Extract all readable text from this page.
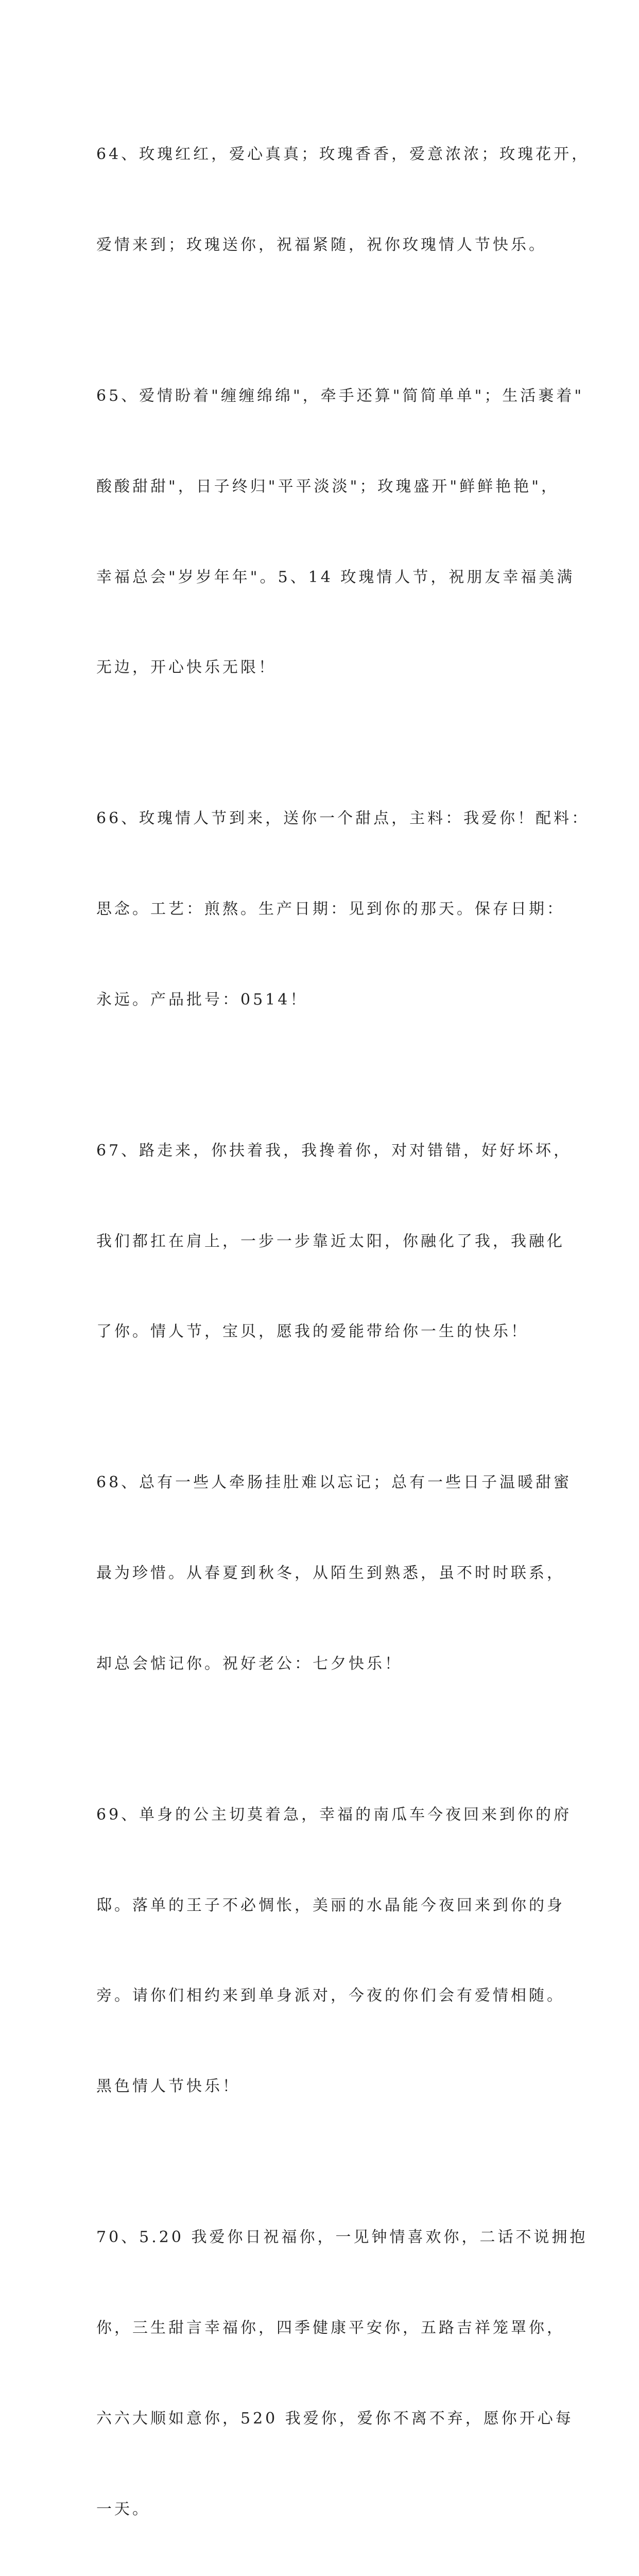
64、玫瑰红红，爱心真真；玫瑰香香，爱意浓浓；玫瑰花开，

爱情来到；玫瑰送你，祝福紧随，祝你玫瑰情人节快乐。

65、爱情盼着"缠缠绵绵"，牵手还算"简简单单"；生活裹着"

酸酸甜甜"，日子终归"平平淡淡"；玫瑰盛开"鲜鲜艳艳"，

幸福总会"岁岁年年"。5、14 玫瑰情人节，祝朋友幸福美满

无边，开心快乐无限！

66、玫瑰情人节到来，送你一个甜点，主料：我爱你！配料：

思念。工艺：煎熬。生产日期：见到你的那天。保存日期：

永远。产品批号：0514！

67、路走来，你扶着我，我搀着你，对对错错，好好坏坏，

我们都扛在肩上，一步一步靠近太阳，你融化了我，我融化

了你。情人节，宝贝，愿我的爱能带给你一生的快乐！

68、总有一些人牵肠挂肚难以忘记；总有一些日子温暖甜蜜

最为珍惜。从春夏到秋冬，从陌生到熟悉，虽不时时联系，

却总会惦记你。祝好老公：七夕快乐！

69、单身的公主切莫着急，幸福的南瓜车今夜回来到你的府

邸。落单的王子不必惆怅，美丽的水晶能今夜回来到你的身

旁。请你们相约来到单身派对，今夜的你们会有爱情相随。

黑色情人节快乐！

70、5.20 我爱你日祝福你，一见钟情喜欢你，二话不说拥抱

你，三生甜言幸福你，四季健康平安你，五路吉祥笼罩你，

六六大顺如意你，520 我爱你，爱你不离不弃，愿你开心每

一天。
